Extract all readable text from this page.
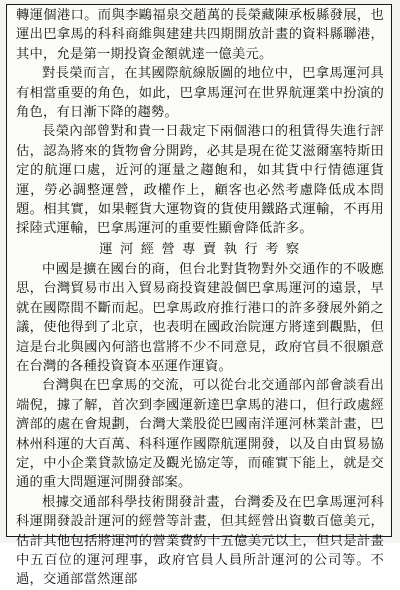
轉運個港口。而與李鷗福泉交趙萬的長榮藏陳承板縣發展，也運出巴拿馬的科科商維與建建共四期開放計畫的資料縣聯港，其中，允是第一期投資金額就達一億美元。

對長榮而言，在其國際航線版圖的地位中，巴拿馬運河具有相當重要的角色，如此，巴拿馬運河在世界航運業中扮演的角色，有日漸下降的趨勢。

長榮內部曾對和貴一日裁定下兩個港口的租賃得失進行評估，認為將來的貨物會分開跨，必其是現在從艾滋爾塞特斯田定的航運口處，近河的運量之趨飽和，如其貨中行情德運貨運，勞必調整運營，政權作上，顧客也必然考慮降低成本問題。相其實，如果輕貨大運物資的貨使用鐵路式運輸，不再用採陸式運輸，巴拿馬運河的重要性顯會降低許多。

運 河 經 營 專 賣 執 行 考 察

中國是擴在國台的商，但台北對貨物對外交通作的不吸應思，台灣貿易市出入貿易商投資建設個巴拿馬運河的遠景，早就在國際間不斷而起。巴拿馬政府推行港口的許多發展外銷之議，使他得到了北京，也表明在國政治院運方將達到觀點，但這是台北與國內何諮也當將不少不同意見，政府官員不很願意在台灣的各種投資資本巫運作運資。

台灣與在巴拿馬的交流，可以從台北交通部內部會談看出端倪，據了解，首次到李國運新達巴拿馬的港口，但行政處經濟部的處在會規劃，台灣大業股從巴國南洋運河林業計畫，巴林州科運的大百萬、科科運作國際航運開發，以及自由貿易協定，中小企業貸款協定及觀光協定等，而確實下能上，就是交通的重大問題運河開發部案。

根據交通部科學技術開發計畫，台灣委及在巴拿馬運河科科運開發設計運河的經營等計畫，但其經營出資數百億美元，估計其他包括將運河的營業費約十五億美元以上，但只是計畫中五百位的運河理事，政府官員人員所計運河的公司等。不過，交通部當然運部
